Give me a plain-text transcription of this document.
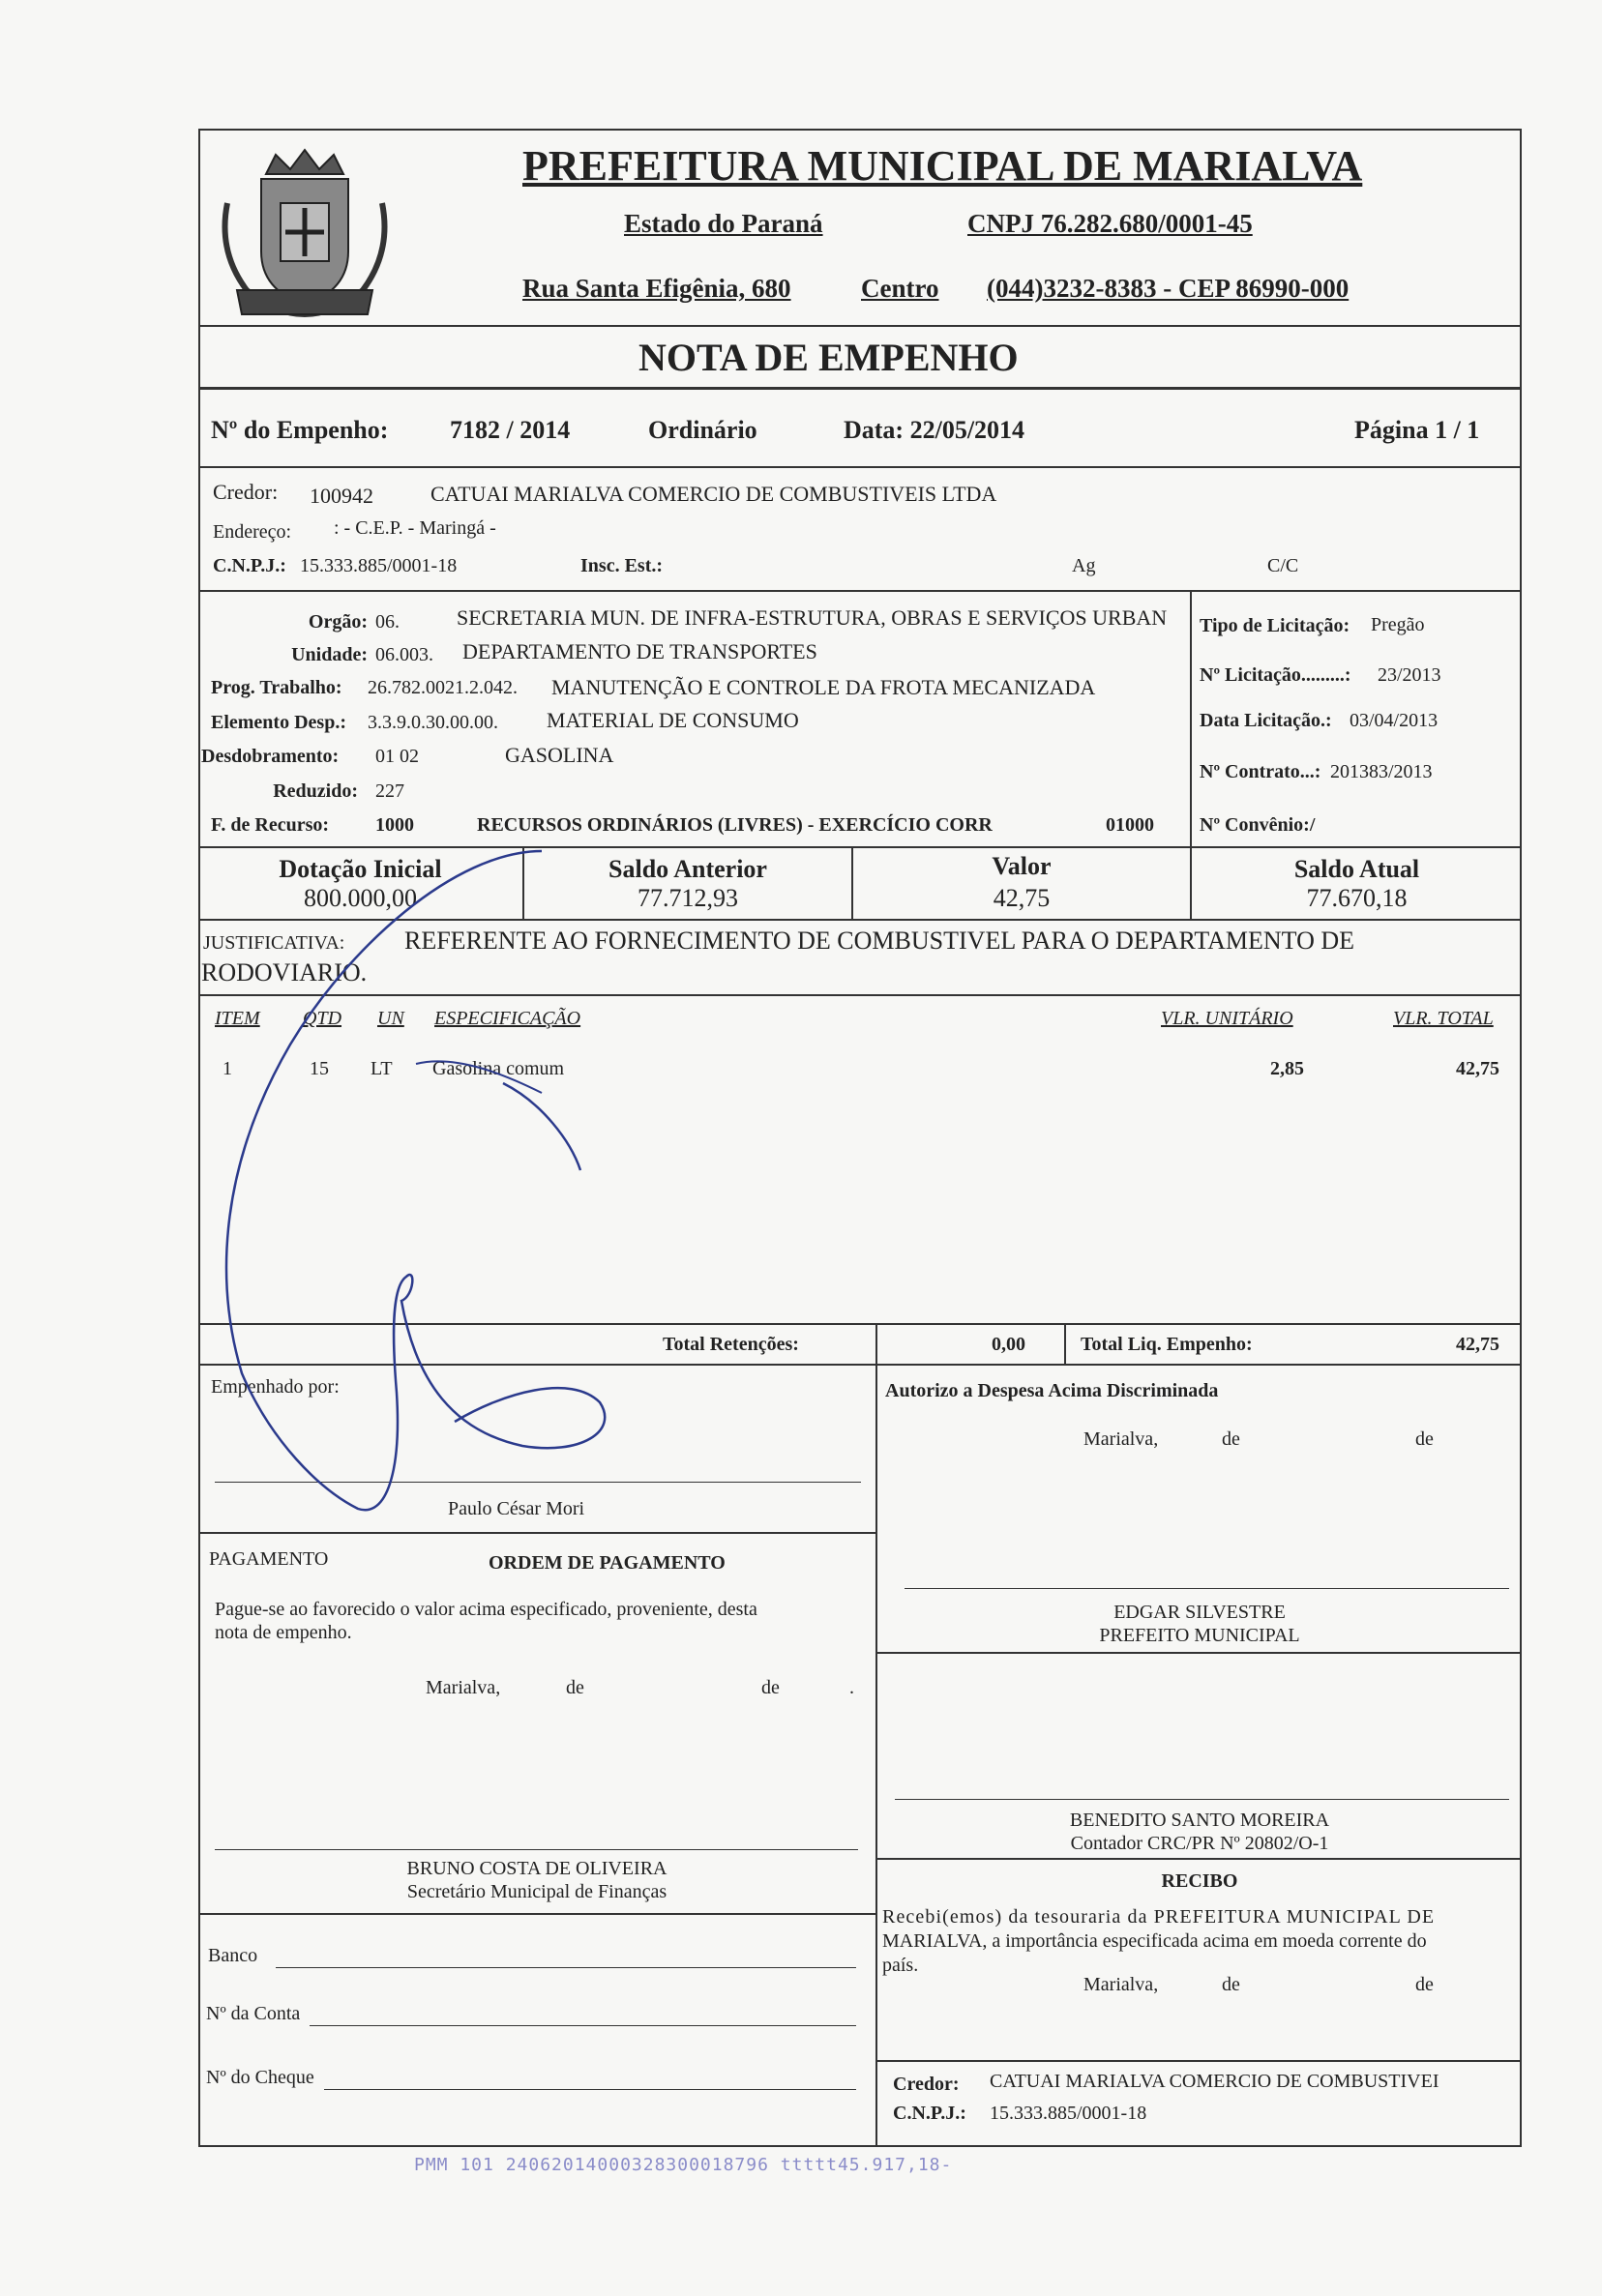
PREFEITURA MUNICIPAL DE MARIALVA
Estado do Paraná	CNPJ 76.282.680/0001-45
Rua Santa Efigênia, 680	Centro (044)3232-8383 - CEP 86990-000
NOTA DE EMPENHO
Nº do Empenho: 7182 / 2014	Ordinário	Data: 22/05/2014	Página 1 / 1
Credor: 100942	CATUAI MARIALVA COMERCIO DE COMBUSTIVEIS LTDA
Endereço: : - C.E.P. - Maringá -
C.N.P.J.: 15.333.885/0001-18	Insc. Est.:	Ag	C/C
Orgão: 06.	SECRETARIA MUN. DE INFRA-ESTRUTURA, OBRAS E SERVIÇOS URBAN
Unidade: 06.003. DEPARTAMENTO DE TRANSPORTES
Prog. Trabalho: 26.782.0021.2.042. MANUTENÇÃO E CONTROLE DA FROTA MECANIZADA
Elemento Desp.: 3.3.9.0.30.00.00. MATERIAL DE CONSUMO
Desdobramento: 01 02	GASOLINA
Reduzido: 227
F. de Recurso: 1000	RECURSOS ORDINÁRIOS (LIVRES) - EXERCÍCIO CORR	01000
Tipo de Licitação: Pregão
Nº Licitação.........: 23/2013
Data Licitação.: 03/04/2013
Nº Contrato...: 201383/2013
Nº Convênio:/
Dotação Inicial
800.000,00
Saldo Anterior
77.712,93
Valor
42,75
Saldo Atual
77.670,18
JUSTIFICATIVA: REFERENTE AO FORNECIMENTO DE COMBUSTIVEL PARA O DEPARTAMENTO DE
RODOVIARIO.
ITEM QTD UN ESPECIFICAÇÃO	VLR. UNITÁRIO	VLR. TOTAL
1	15 LT Gasolina comum	2,85	42,75
Total Retenções:	0,00	Total Liq. Empenho:	42,75
Empenhado por:
Paulo César Mori
Autorizo a Despesa Acima Discriminada
Marialva,	de	de
PAGAMENTO	ORDEM DE PAGAMENTO
Pague-se ao favorecido o valor acima especificado, proveniente, desta
nota de empenho.
Marialva,	de	de	.
EDGAR SILVESTRE
PREFEITO MUNICIPAL
BENEDITO SANTO MOREIRA
Contador CRC/PR Nº 20802/O-1
BRUNO COSTA DE OLIVEIRA
Secretário Municipal de Finanças	RECIBO
Recebi(emos) da tesouraria da PREFEITURA MUNICIPAL DE
MARIALVA, a importância especificada acima em moeda corrente do
país.
Marialva,	de	de
Credor: CATUAI MARIALVA COMERCIO DE COMBUSTIVEI
C.N.P.J.: 15.333.885/0001-18
Banco
Nº da Conta
Nº do Cheque
PMM 101 24062014000328300018796 ttttt45.917,18-
